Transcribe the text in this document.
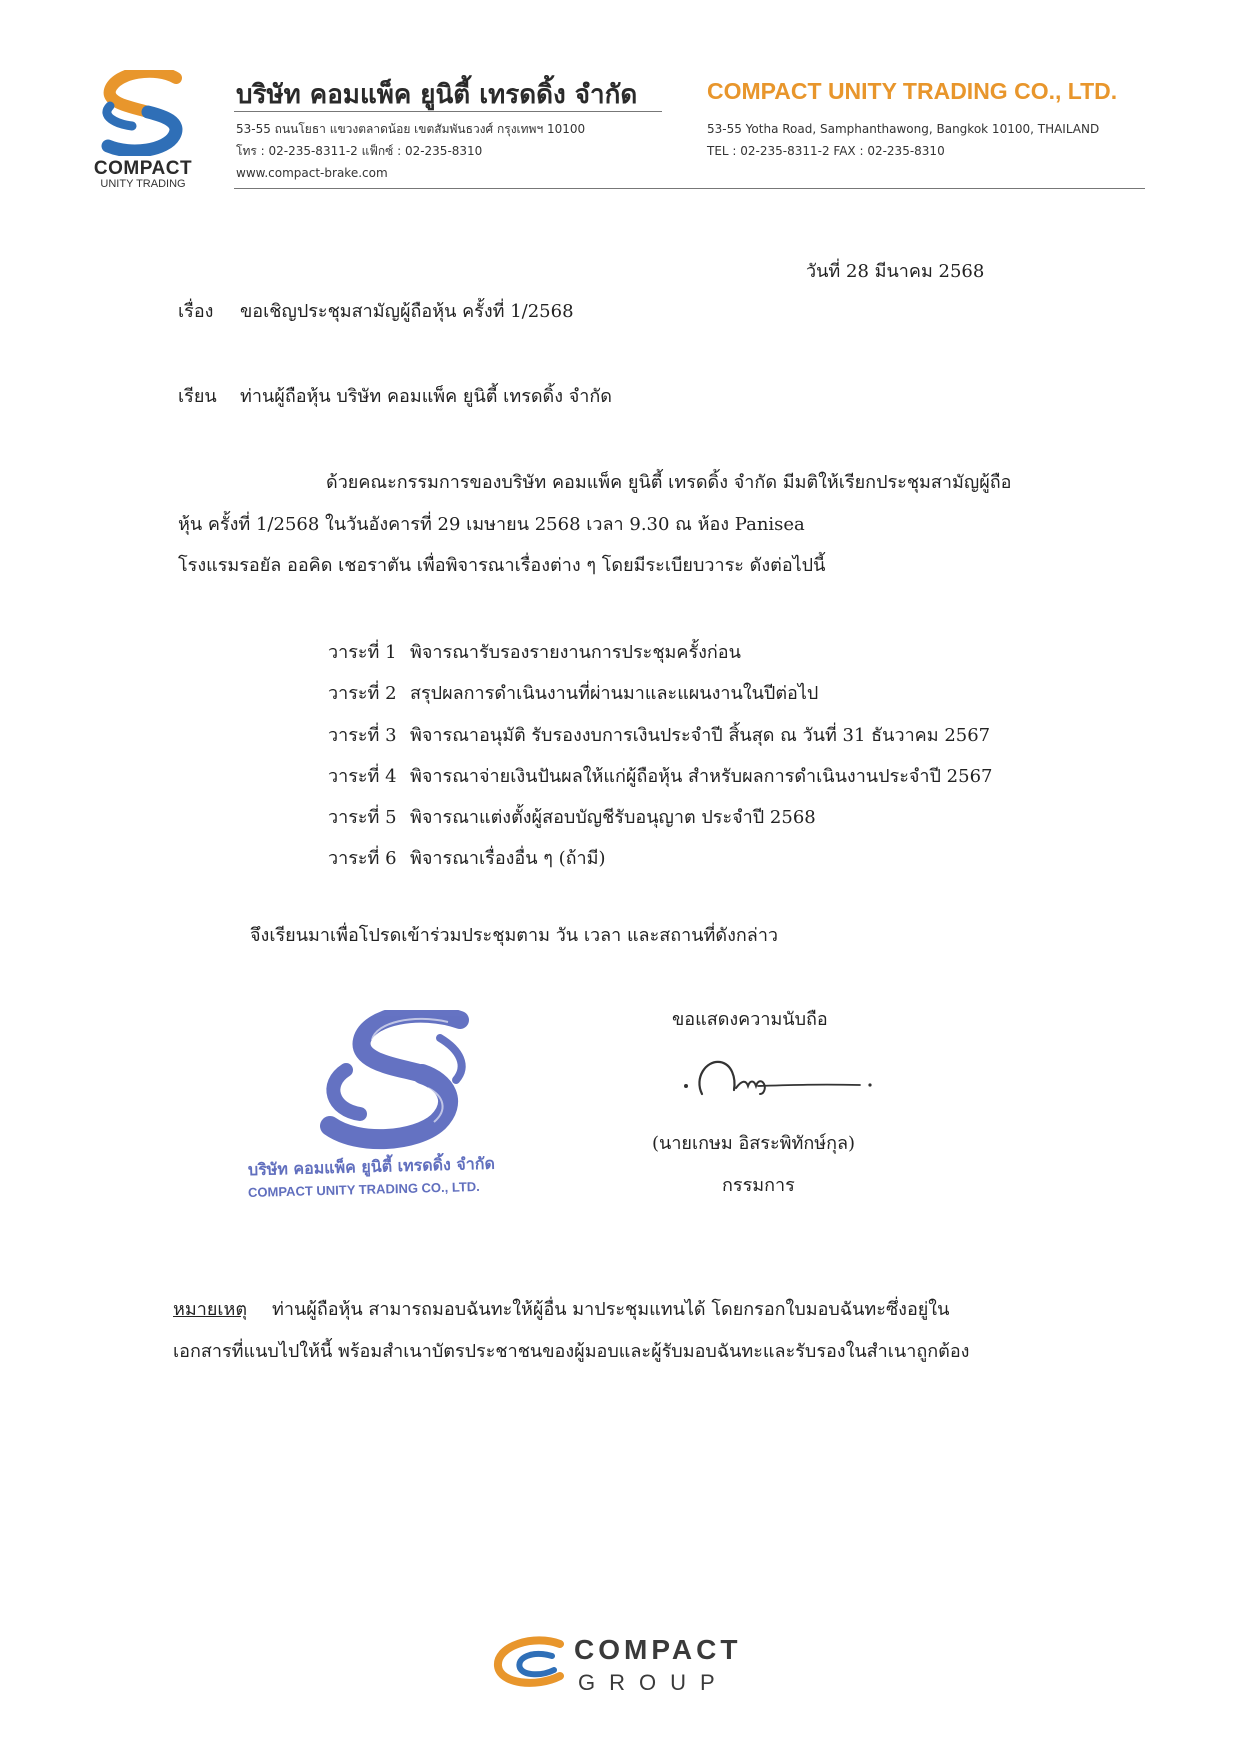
COMPACT
UNITY TRADING
บริษัท คอมแพ็ค ยูนิตี้ เทรดดิ้ง จำกัด	COMPACT UNITY TRADING CO., LTD.
53-55 ถนนโยธา แขวงตลาดน้อย เขตสัมพันธวงศ์ กรุงเทพฯ 10100
โทร : 02-235-8311-2 แฟ็กซ์ : 02-235-8310
www.compact-brake.com
53-55 Yotha Road, Samphanthawong, Bangkok 10100, THAILAND
TEL : 02-235-8311-2 FAX : 02-235-8310
วันที่ 28 มีนาคม 2568
เรื่อง ขอเชิญประชุมสามัญผู้ถือหุ้น ครั้งที่ 1/2568
เรียน ท่านผู้ถือหุ้น บริษัท คอมแพ็ค ยูนิตี้ เทรดดิ้ง จำกัด
ด้วยคณะกรรมการของบริษัท คอมแพ็ค ยูนิตี้ เทรดดิ้ง จำกัด มีมติให้เรียกประชุมสามัญผู้ถือ
หุ้น ครั้งที่ 1/2568 ในวันอังคารที่ 29 เมษายน 2568 เวลา 9.30 ณ ห้อง Panisea
โรงแรมรอยัล ออคิด เชอราตัน เพื่อพิจารณาเรื่องต่าง ๆ โดยมีระเบียบวาระ ดังต่อไปนี้
วาระที่ 1 พิจารณารับรองรายงานการประชุมครั้งก่อน
วาระที่ 2 สรุปผลการดำเนินงานที่ผ่านมาและแผนงานในปีต่อไป
วาระที่ 3 พิจารณาอนุมัติ รับรองงบการเงินประจำปี สิ้นสุด ณ วันที่ 31 ธันวาคม 2567
วาระที่ 4 พิจารณาจ่ายเงินปันผลให้แก่ผู้ถือหุ้น สำหรับผลการดำเนินงานประจำปี 2567
วาระที่ 5 พิจารณาแต่งตั้งผู้สอบบัญชีรับอนุญาต ประจำปี 2568
วาระที่ 6 พิจารณาเรื่องอื่น ๆ (ถ้ามี)
จึงเรียนมาเพื่อโปรดเข้าร่วมประชุมตาม วัน เวลา และสถานที่ดังกล่าว
ขอแสดงความนับถือ
(นายเกษม อิสระพิทักษ์กุล)
กรรมการ
บริษัท คอมแพ็ค ยูนิตี้ เทรดดิ้ง จำกัด
COMPACT UNITY TRADING CO., LTD.
หมายเหตุ ท่านผู้ถือหุ้น สามารถมอบฉันทะให้ผู้อื่น มาประชุมแทนได้ โดยกรอกใบมอบฉันทะซึ่งอยู่ใน
เอกสารที่แนบไปให้นี้ พร้อมสำเนาบัตรประชาชนของผู้มอบและผู้รับมอบฉันทะและรับรองในสำเนาถูกต้อง
COMPACT
GROUP
